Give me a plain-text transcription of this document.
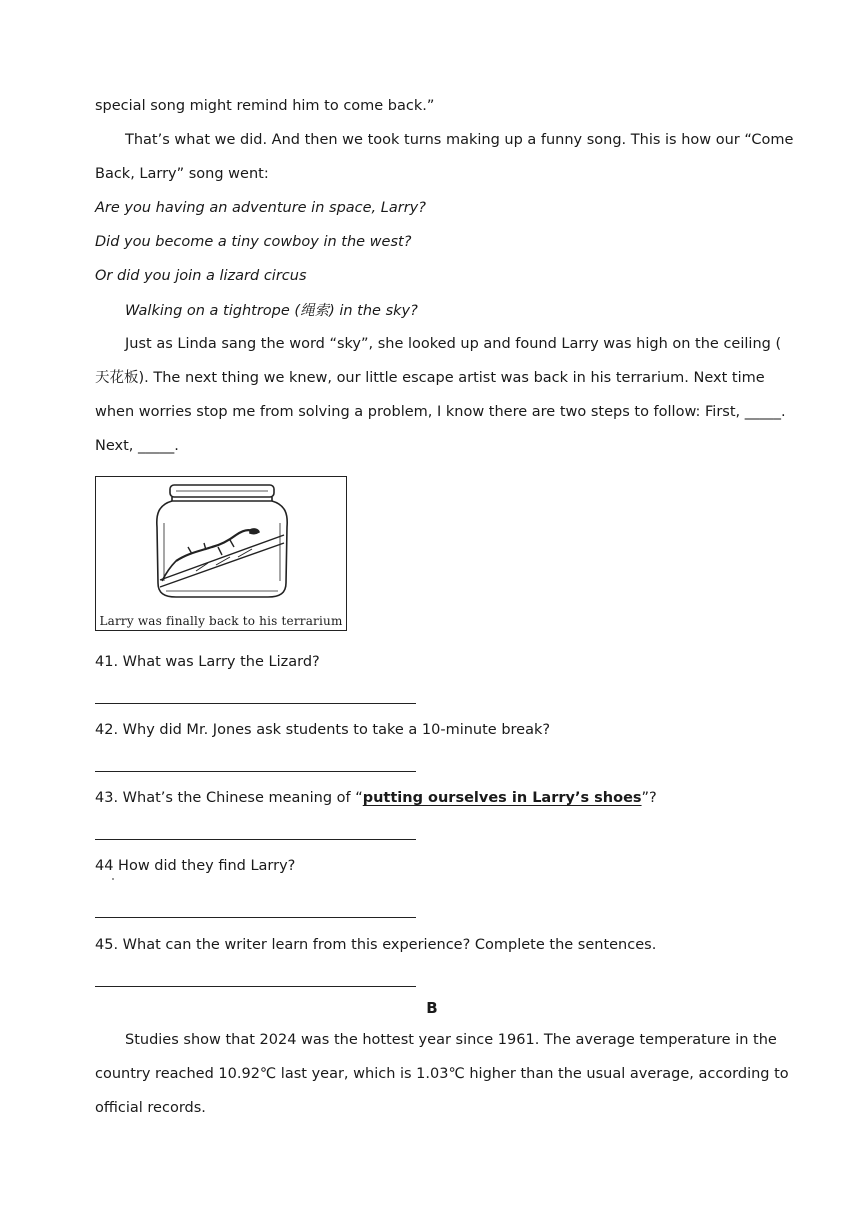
special song might remind him to come back.”
That’s what we did. And then we took turns making up a funny song. This is how our “Come
Back, Larry” song went:
Are you having an adventure in space, Larry?
Did you become a tiny cowboy in the west?
Or did you join a lizard circus
Walking on a tightrope (绳索) in the sky?
Just as Linda sang the word “sky”, she looked up and found Larry was high on the ceiling (
天花板). The next thing we knew, our little escape artist was back in his terrarium. Next time
when worries stop me from solving a problem, I know there are two steps to follow: First, _____.
Next, _____.
Larry was finally back to his terrarium
41. What was Larry the Lizard?
42. Why did Mr. Jones ask students to take a 10-minute break?
43. What’s the Chinese meaning of “putting ourselves in Larry’s shoes”?
44 How did they find Larry?
45. What can the writer learn from this experience? Complete the sentences.
B
Studies show that 2024 was the hottest year since 1961. The average temperature in the
country reached 10.92℃ last year, which is 1.03℃ higher than the usual average, according to
official records.
